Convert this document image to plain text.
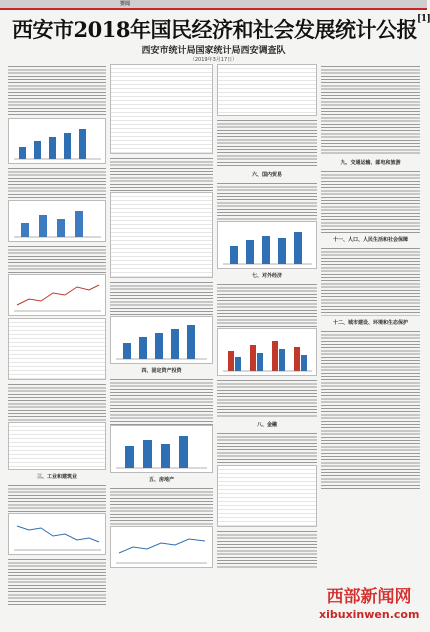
要闻
西安市2018年国民经济和社会发展统计公报[1]
西安市统计局国家统计局西安调查队
（2019年3月17日）
三、工业和建筑业
四、固定资产投资
五、房地产
六、国内贸易
七、对外经济
八、金融
九、交通运输、邮电和旅游
十一、人口、人民生活和社会保障
十二、城市建设、环境和生态保护
西部新闻网
xibuxinwen.com
